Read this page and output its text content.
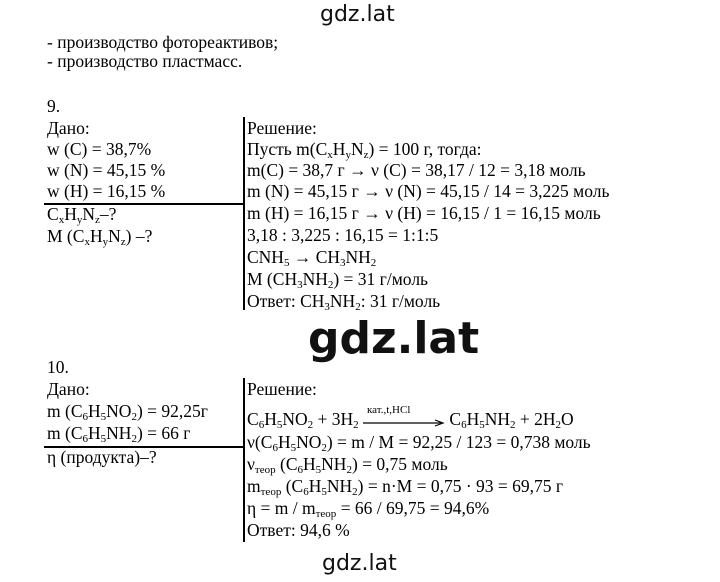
gdz.lat
gdz.lat
gdz.lat
- производство фотореактивов;
- производство пластмасс.
9.
Дано:
w (C) = 38,7%
w (N) = 45,15 %
w (H) = 16,15 %
$C_xH_yN_z-$?
M $(C_xH_yN_z)$ –?
Решение:
Пусть $m(C_xH_yN_z) = 100$ г, тогда:
m(C) = 38,7 г → ν (C) = 38,17 / 12 = 3,18 моль
m (N) = 45,15 г → ν (N) = 45,15 / 14 = 3,225 моль
m (H) = 16,15 г → ν (H) = 16,15 / 1 = 16,15 моль
3,18 : 3,225 : 16,15 = 1:1:5
$CNH_5 \to CH_3NH_2$
M $(CH_3NH_2) = 31$ г/моль
Ответ: $CH_3NH_2$: 31 г/моль
10.
Дано:
m $(C_6H_5NO_2) = 92,25г$
m $(C_6H_5NH_2) = 66$ г
η (продукта)–?
Решение:
$C_6H_5NO_2 + 3H_2$
кат.,t,HCl $C_6H_5NH_2 + 2H_2O$
$\nu(C_6H_5NO_2) = m / M = 92,25 / 123 = 0,738$ моль
$\nu_{теор}$ $(C_6H_5NH_2) = 0,75$ моль
$m_{теор}$ $(C_6H_5NH_2) = n\cdot M = 0,75 \cdot 93 = 69,75$ г
$\eta = m / m_{теор} = 66 / 69,75 = 94,6\%$
Ответ: 94,6 %
